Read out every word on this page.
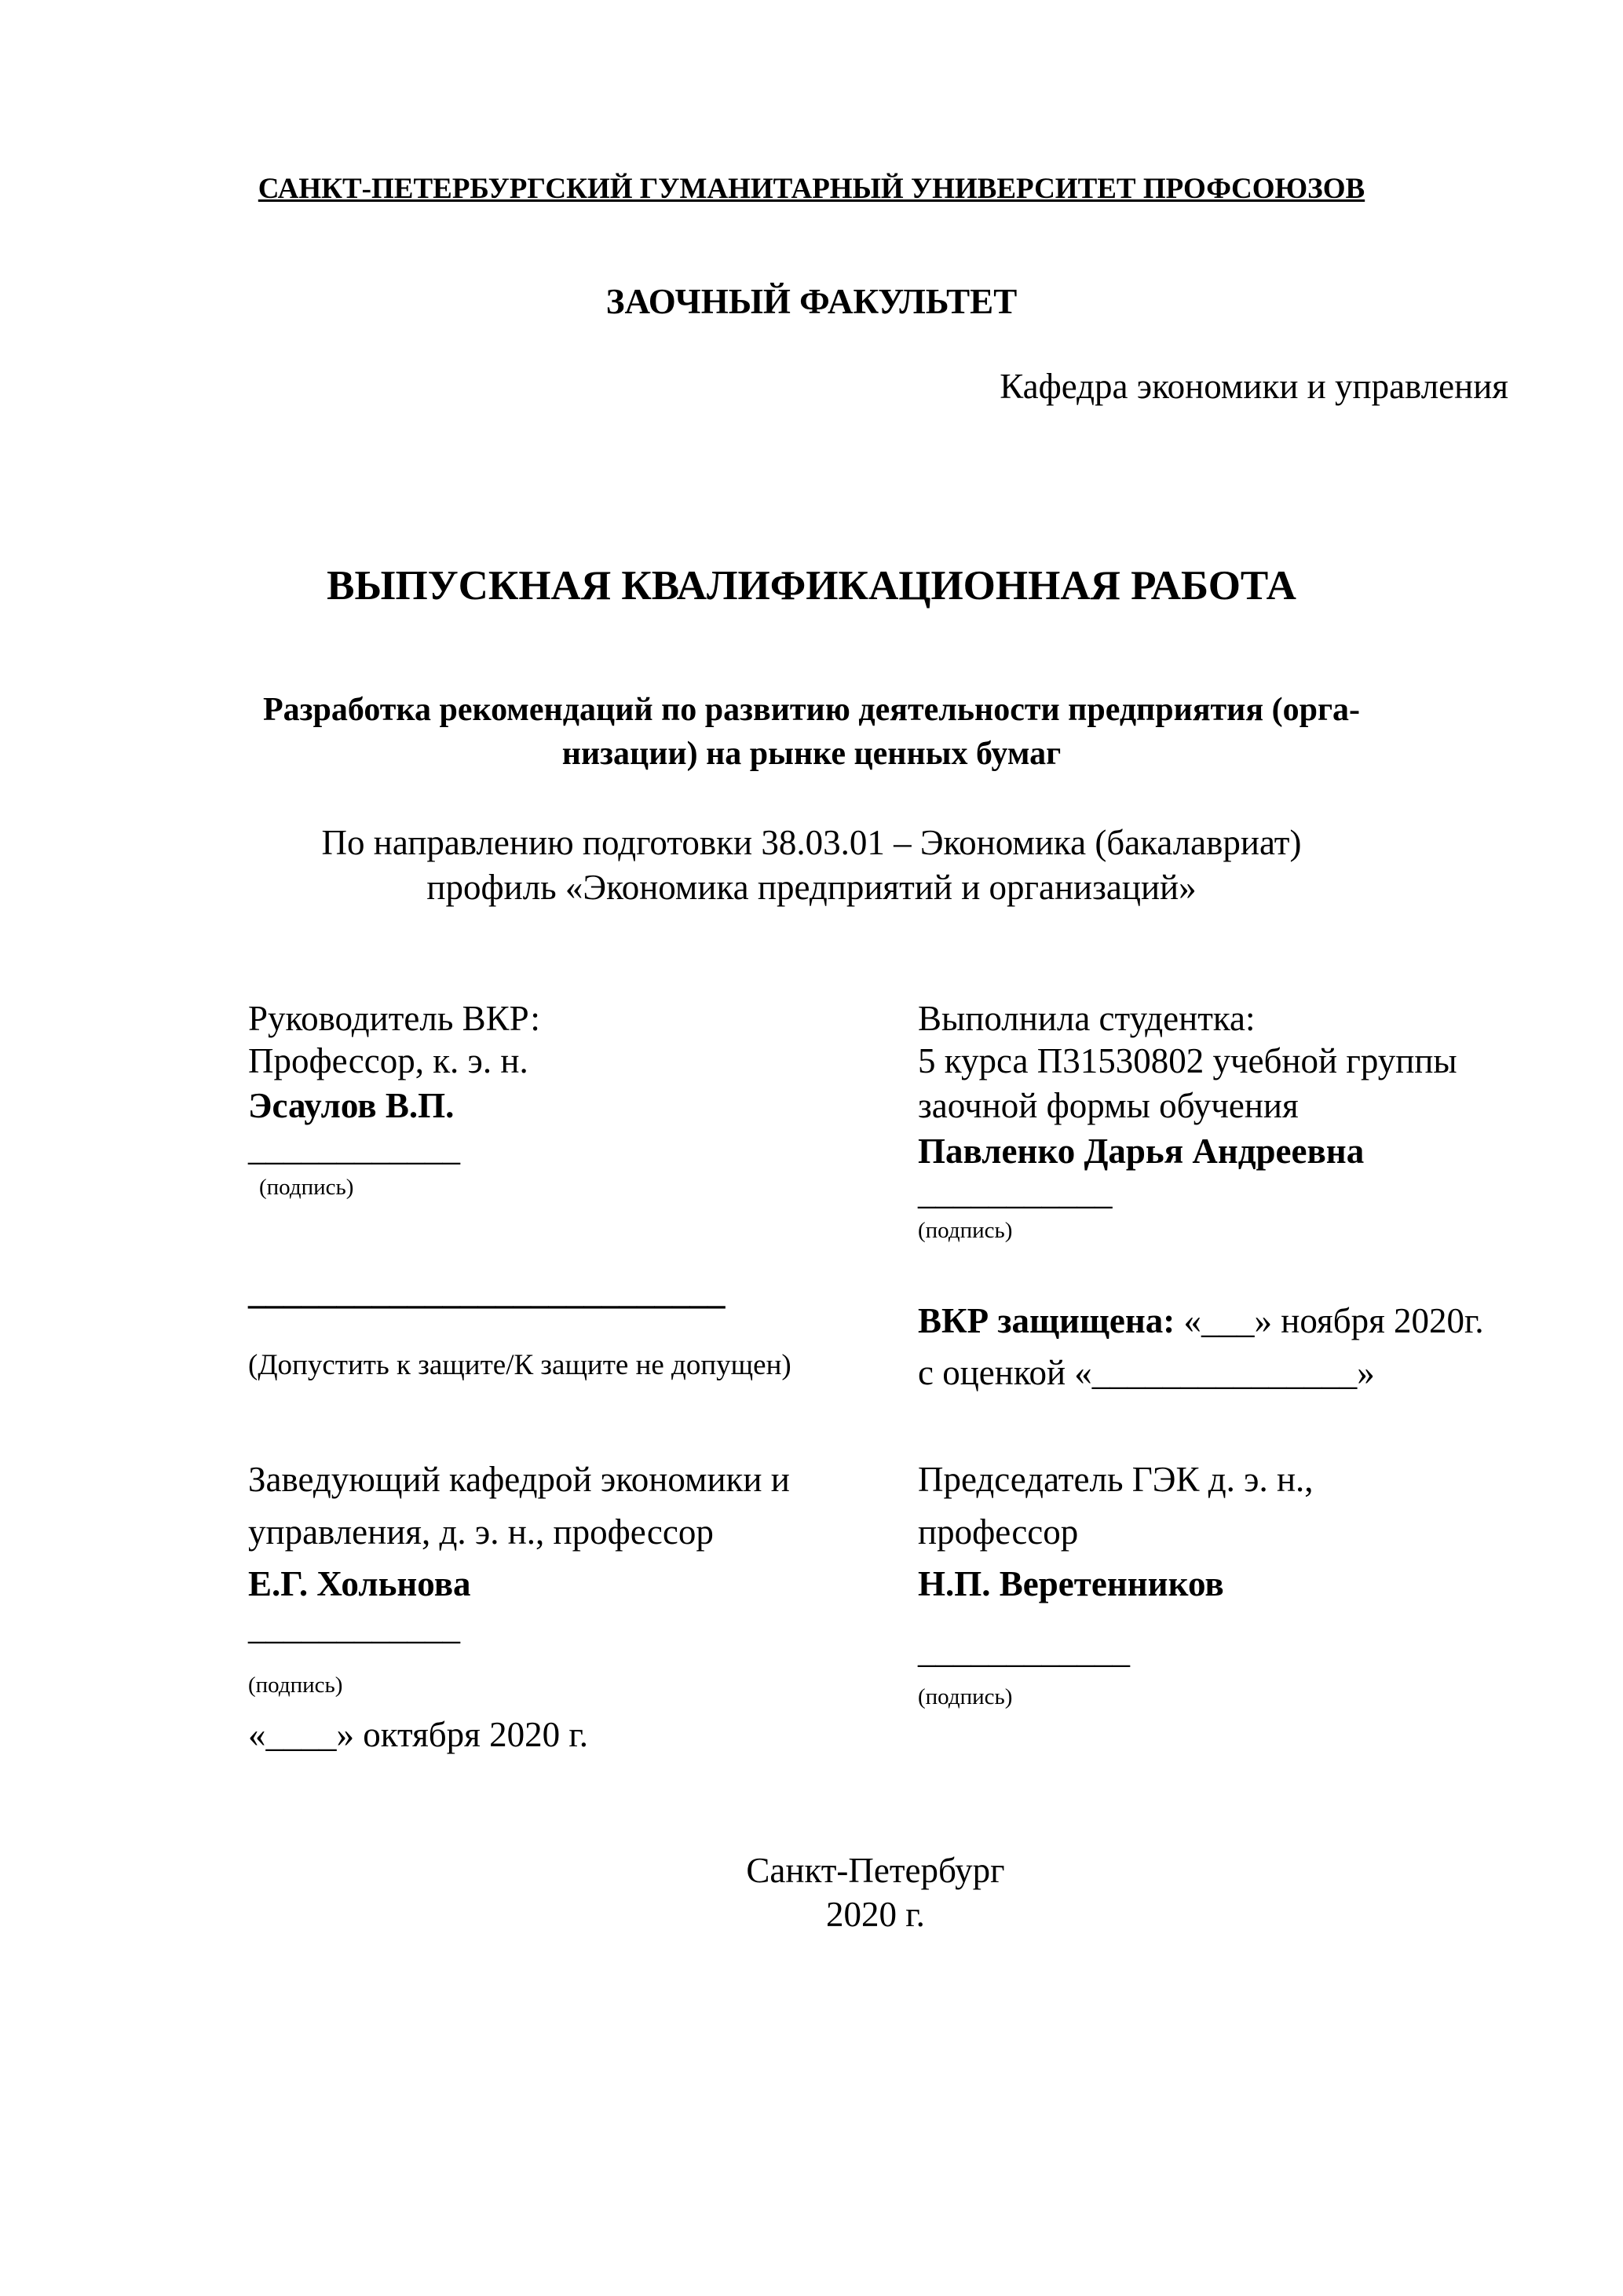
САНКТ-ПЕТЕРБУРГСКИЙ ГУМАНИТАРНЫЙ УНИВЕРСИТЕТ ПРОФСОЮЗОВ
ЗАОЧНЫЙ ФАКУЛЬТЕТ
Кафедра экономики и управления
ВЫПУСКНАЯ КВАЛИФИКАЦИОННАЯ РАБОТА
Разработка рекомендаций по развитию деятельности предприятия (орга-
низации) на рынке ценных бумаг
По направлению подготовки 38.03.01 – Экономика (бакалавриат)
профиль «Экономика предприятий и организаций»
Руководитель ВКР:
Профессор, к. э. н.
Эсаулов В.П.
____________
(подпись)
Выполнила студентка:
5 курса П31530802 учебной группы
заочной формы обучения
Павленко Дарья Андреевна
___________
(подпись)
___________________________
(Допустить к защите/К защите не допущен)
ВКР защищена: «___» ноября 2020г.
с оценкой «_______________»
Заведующий кафедрой экономики и
управления, д. э. н., профессор
Е.Г. Хольнова
____________
(подпись)
«____» октября 2020 г.
Председатель ГЭК д. э. н.,
профессор
Н.П. Веретенников
____________
(подпись)
Санкт-Петербург
2020 г.
